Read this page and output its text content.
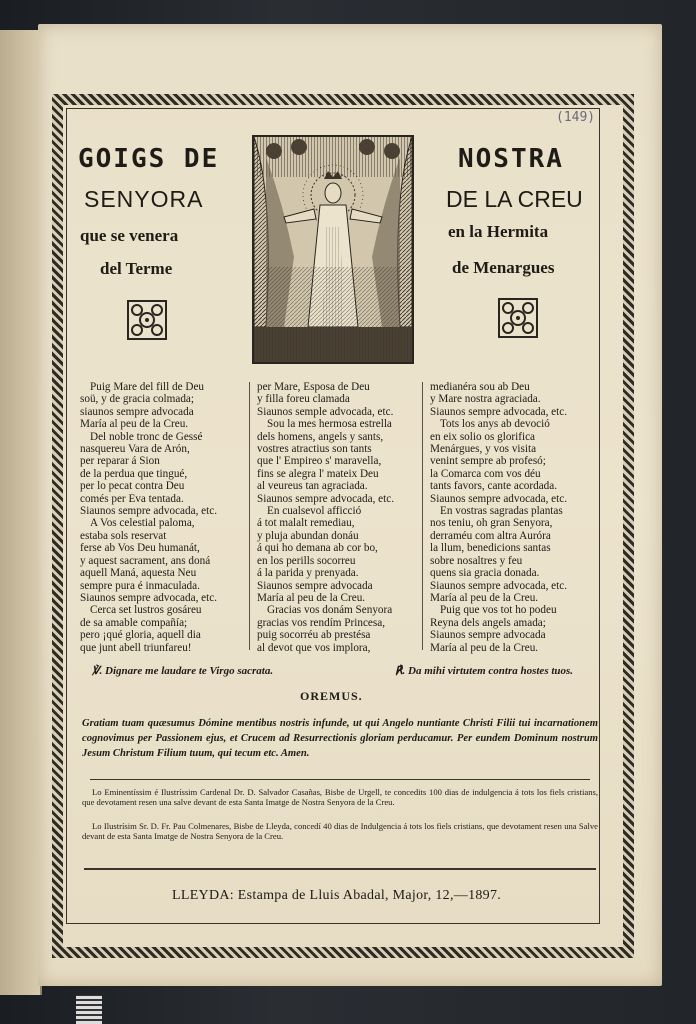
(149)
GOIGS DE	NOSTRA
SENYORA	DE LA CREU
que se venera	en la Hermita
del Terme	de Menargues
Puig Mare del fill de Deu
soü, y de gracia colmada;
siaunos sempre advocada
María al peu de la Creu.
Del noble tronc de Gessé
nasquereu Vara de Arón,
per reparar á Sion
de la perdua que tingué,
per lo pecat contra Deu
comés per Eva tentada.
Siaunos sempre advocada, etc.
A Vos celestial paloma,
estaba sols reservat
ferse ab Vos Deu humanát,
y aquest sacrament, ans doná
aquell Maná, aquesta Neu
sempre pura é inmaculada.
Siaunos sempre advocada, etc.
Cerca set lustros gosáreu
de sa amable compañía;
pero ¡qué gloria, aquell dia
que junt abell triunfareu!
per Mare, Esposa de Deu
y filla foreu clamada
Siaunos semple advocada, etc.
Sou la mes hermosa estrella
dels homens, angels y sants,
vostres atractius son tants
que l' Empireo s' maravella,
fins se alegra l' mateix Deu
al veureus tan agraciada.
Siaunos sempre advocada, etc.
En cualsevol afficció
á tot malalt remediau,
y pluja abundan donáu
á qui ho demana ab cor bo,
en los perills socorreu
á la parida y prenyada.
Siaunos sempre advocada
María al peu de la Creu.
Gracias vos donám Senyora
gracias vos rendím Princesa,
puig socorréu ab prestésa
al devot que vos implora,
medianéra sou ab Deu
y Mare nostra agraciada.
Siaunos sempre advocada, etc.
Tots los anys ab devoció
en eix solio os glorifica
Menárgues, y vos visita
venint sempre ab profesó;
la Comarca com vos déu
tants favors, cante acordada.
Siaunos sempre advocada, etc.
En vostras sagradas plantas
nos teniu, oh gran Senyora,
derraméu com altra Auróra
la llum, benedicions santas
sobre nosaltres y feu
quens sia gracia donada.
Siaunos sempre advocada, etc.
María al peu de la Creu.
Puig que vos tot ho podeu
Reyna dels angels amada;
Siaunos sempre advocada
María al peu de la Creu.
℣. Dignare me laudare te Virgo sacrata.	℟. Da mihi virtutem contra hostes tuos.
OREMUS.
Gratiam tuam quæsumus Dómine mentibus nostris infunde, ut qui Angelo nuntiante Christi Filii tui incarnationem cognovimus per Passionem ejus, et Crucem ad Resurrectionis gloriam perducamur. Per eundem Dominum nostrum Jesum Christum Filium tuum, qui tecum etc. Amen.
Lo Eminentíssim é Ilustríssim Cardenal Dr. D. Salvador Casañas, Bisbe de Urgell, te concedits 100 dias de indulgencia á tots los fiels cristians, que devotament resen una salve devant de esta Santa Imatge de Nostra Senyora de la Creu.
Lo Ilustrísim Sr. D. Fr. Pau Colmenares, Bisbe de Lleyda, concedí 40 dias de Indulgencia á tots los fiels cristians, que devotament resen una Salve devant de esta Santa Imatge de Nostra Senyora de la Creu.
LLEYDA: Estampa de Lluis Abadal, Major, 12,—1897.
